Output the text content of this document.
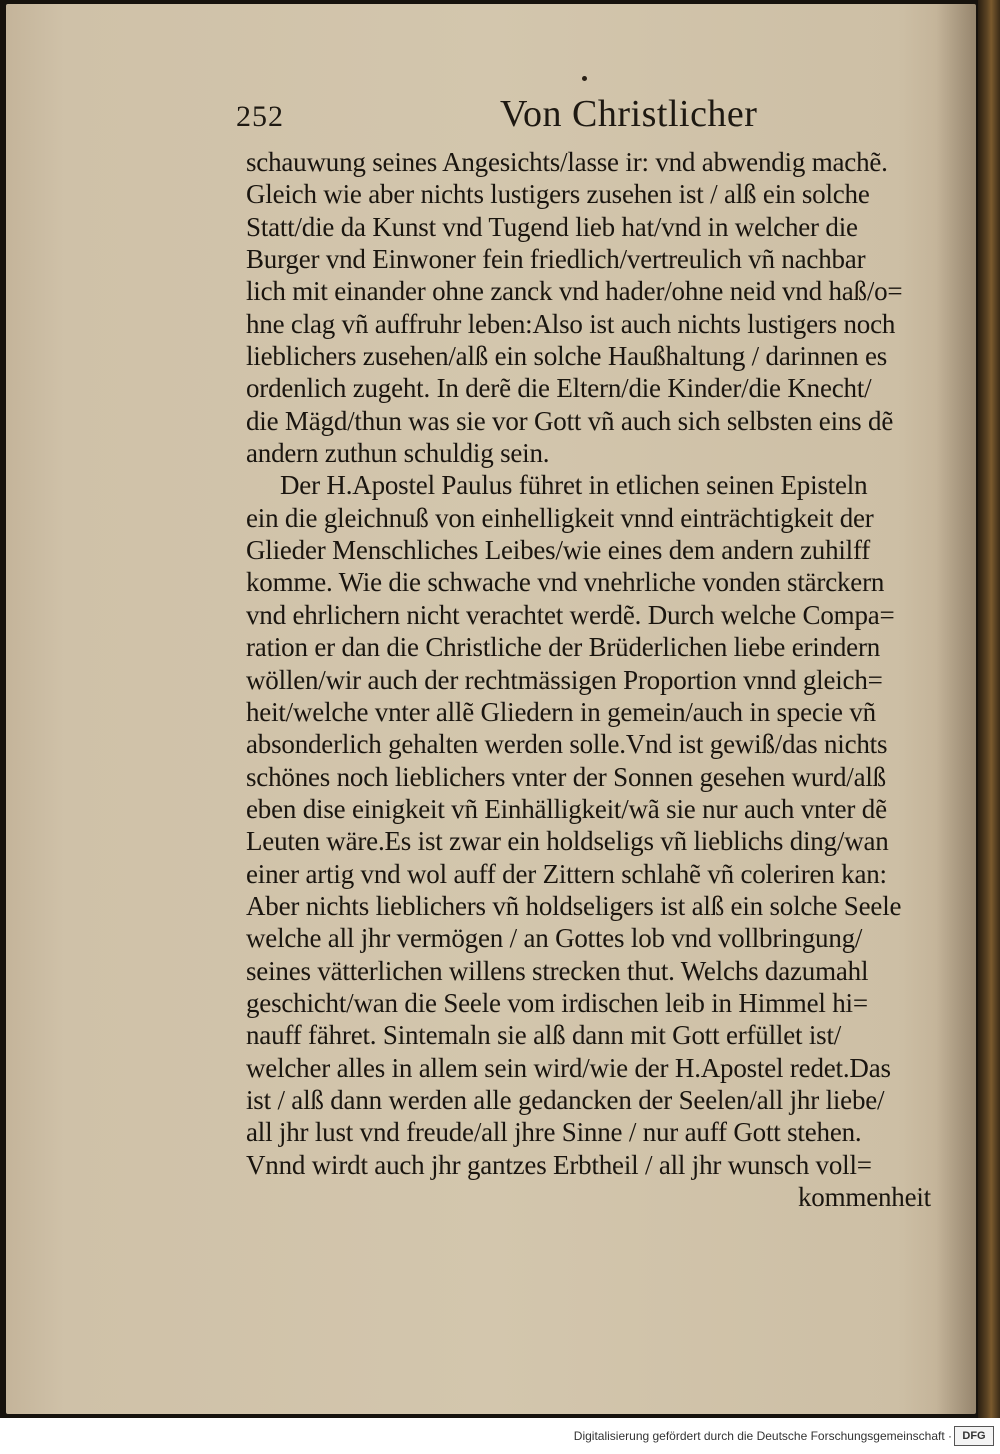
252	Von Christlicher
schauwung seines Angesichts/lasse ir: vnd abwendig machẽ.
Gleich wie aber nichts lustigers zusehen ist / alß ein solche
Statt/die da Kunst vnd Tugend lieb hat/vnd in welcher die
Burger vnd Einwoner fein friedlich/vertreulich vñ nachbar
lich mit einander ohne zanck vnd hader/ohne neid vnd haß/o=
hne clag vñ auffruhr leben:Also ist auch nichts lustigers noch
lieblichers zusehen/alß ein solche Haußhaltung / darinnen es
ordenlich zugeht. In derẽ die Eltern/die Kinder/die Knecht/
die Mägd/thun was sie vor Gott vñ auch sich selbsten eins dẽ
andern zuthun schuldig sein.
Der H.Apostel Paulus führet in etlichen seinen Episteln
ein die gleichnuß von einhelligkeit vnnd einträchtigkeit der
Glieder Menschliches Leibes/wie eines dem andern zuhilff
komme. Wie die schwache vnd vnehrliche vonden stärckern
vnd ehrlichern nicht verachtet werdẽ. Durch welche Compa=
ration er dan die Christliche der Brüderlichen liebe erindern
wöllen/wir auch der rechtmässigen Proportion vnnd gleich=
heit/welche vnter allẽ Gliedern in gemein/auch in specie vñ
absonderlich gehalten werden solle.Vnd ist gewiß/das nichts
schönes noch lieblichers vnter der Sonnen gesehen wurd/alß
eben dise einigkeit vñ Einhälligkeit/wã sie nur auch vnter dẽ
Leuten wäre.Es ist zwar ein holdseligs vñ lieblichs ding/wan
einer artig vnd wol auff der Zittern schlahẽ vñ coleriren kan:
Aber nichts lieblichers vñ holdseligers ist alß ein solche Seele
welche all jhr vermögen / an Gottes lob vnd vollbringung/
seines vätterlichen willens strecken thut. Welchs dazumahl
geschicht/wan die Seele vom irdischen leib in Himmel hi=
nauff fähret. Sintemaln sie alß dann mit Gott erfüllet ist/
welcher alles in allem sein wird/wie der H.Apostel redet.Das
ist / alß dann werden alle gedancken der Seelen/all jhr liebe/
all jhr lust vnd freude/all jhre Sinne / nur auff Gott stehen.
Vnnd wirdt auch jhr gantzes Erbtheil / all jhr wunsch voll=
kommenheit
Digitalisierung gefördert durch die Deutsche Forschungsgemeinschaft · DFG
